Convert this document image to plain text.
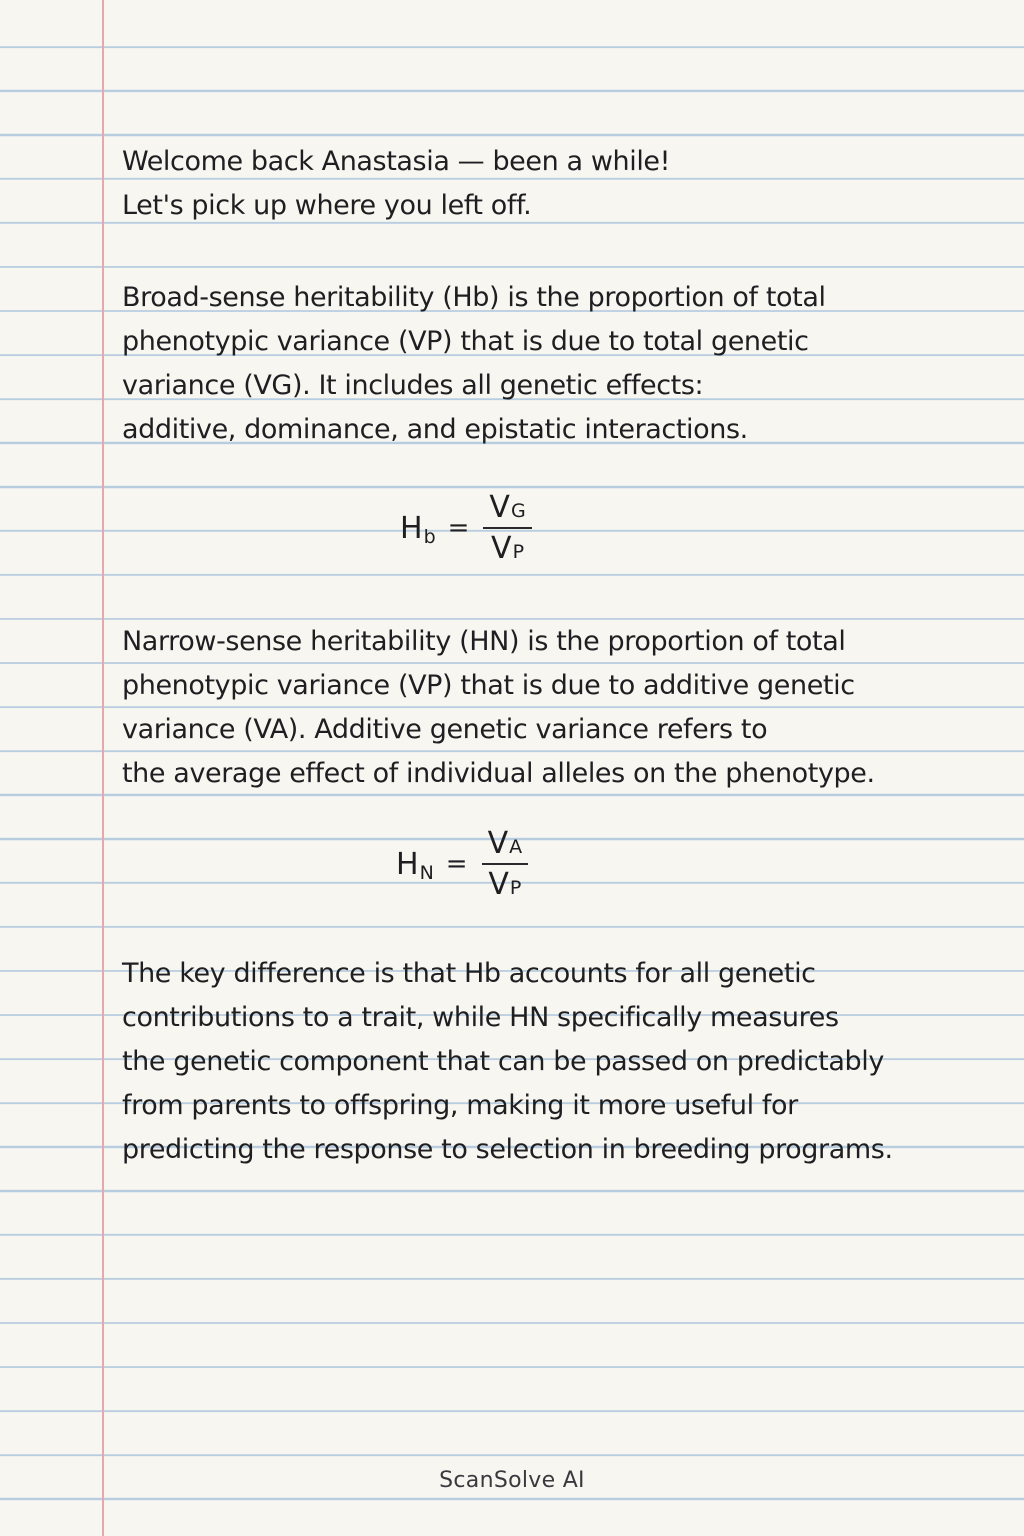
Welcome back Anastasia — been a while!
Let's pick up where you left off.
Broad-sense heritability (Hb) is the proportion of total
phenotypic variance (VP) that is due to total genetic
variance (VG). It includes all genetic effects:
additive, dominance, and epistatic interactions.
H $b = \frac{\text{V G}}{\text{V P}}$
Narrow-sense heritability (HN) is the proportion of total
phenotypic variance (VP) that is due to additive genetic
variance (VA). Additive genetic variance refers to
the average effect of individual alleles on the phenotype.
H $N = \frac{\text{V A}}{\text{V P}}$
The key difference is that Hb accounts for all genetic
contributions to a trait, while HN specifically measures
the genetic component that can be passed on predictably
from parents to offspring, making it more useful for
predicting the response to selection in breeding programs.
ScanSolve AI
